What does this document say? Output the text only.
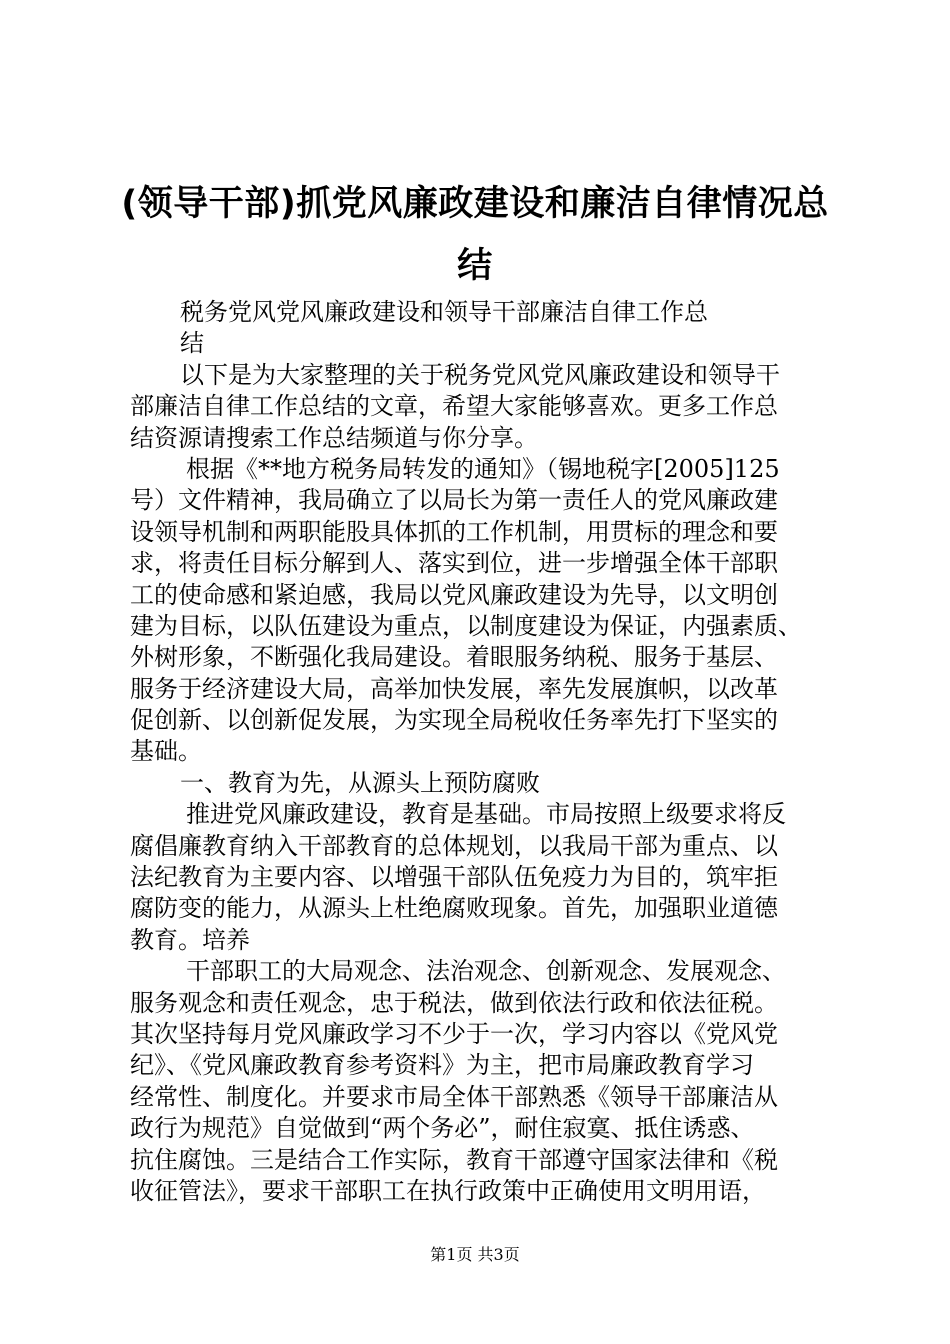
(领导干部)抓党风廉政建设和廉洁自律情况总
结
税务党风党风廉政建设和领导干部廉洁自律工作总
结
以下是为大家整理的关于税务党风党风廉政建设和领导干
部廉洁自律工作总结的文章，希望大家能够喜欢。更多工作总
结资源请搜索工作总结频道与你分享。
根据《**地方税务局转发的通知》（锡地税字[2005]125
号）文件精神，我局确立了以局长为第一责任人的党风廉政建
设领导机制和两职能股具体抓的工作机制，用贯标的理念和要
求，将责任目标分解到人、落实到位，进一步增强全体干部职
工的使命感和紧迫感，我局以党风廉政建设为先导，以文明创
建为目标，以队伍建设为重点，以制度建设为保证，内强素质、
外树形象，不断强化我局建设。着眼服务纳税、服务于基层、
服务于经济建设大局，高举加快发展，率先发展旗帜，以改革
促创新、以创新促发展，为实现全局税收任务率先打下坚实的
基础。
一、教育为先，从源头上预防腐败
推进党风廉政建设，教育是基础。市局按照上级要求将反
腐倡廉教育纳入干部教育的总体规划，以我局干部为重点、以
法纪教育为主要内容、以增强干部队伍免疫力为目的，筑牢拒
腐防变的能力，从源头上杜绝腐败现象。首先，加强职业道德
教育。培养
干部职工的大局观念、法治观念、创新观念、发展观念、
服务观念和责任观念，忠于税法，做到依法行政和依法征税。
其次坚持每月党风廉政学习不少于一次，学习内容以《党风党
纪》、《党风廉政教育参考资料》为主，把市局廉政教育学习
经常性、制度化。并要求市局全体干部熟悉《领导干部廉洁从
政行为规范》自觉做到“两个务必”，耐住寂寞、抵住诱惑、
抗住腐蚀。三是结合工作实际，教育干部遵守国家法律和《税
收征管法》，要求干部职工在执行政策中正确使用文明用语，
第1页 共3页
